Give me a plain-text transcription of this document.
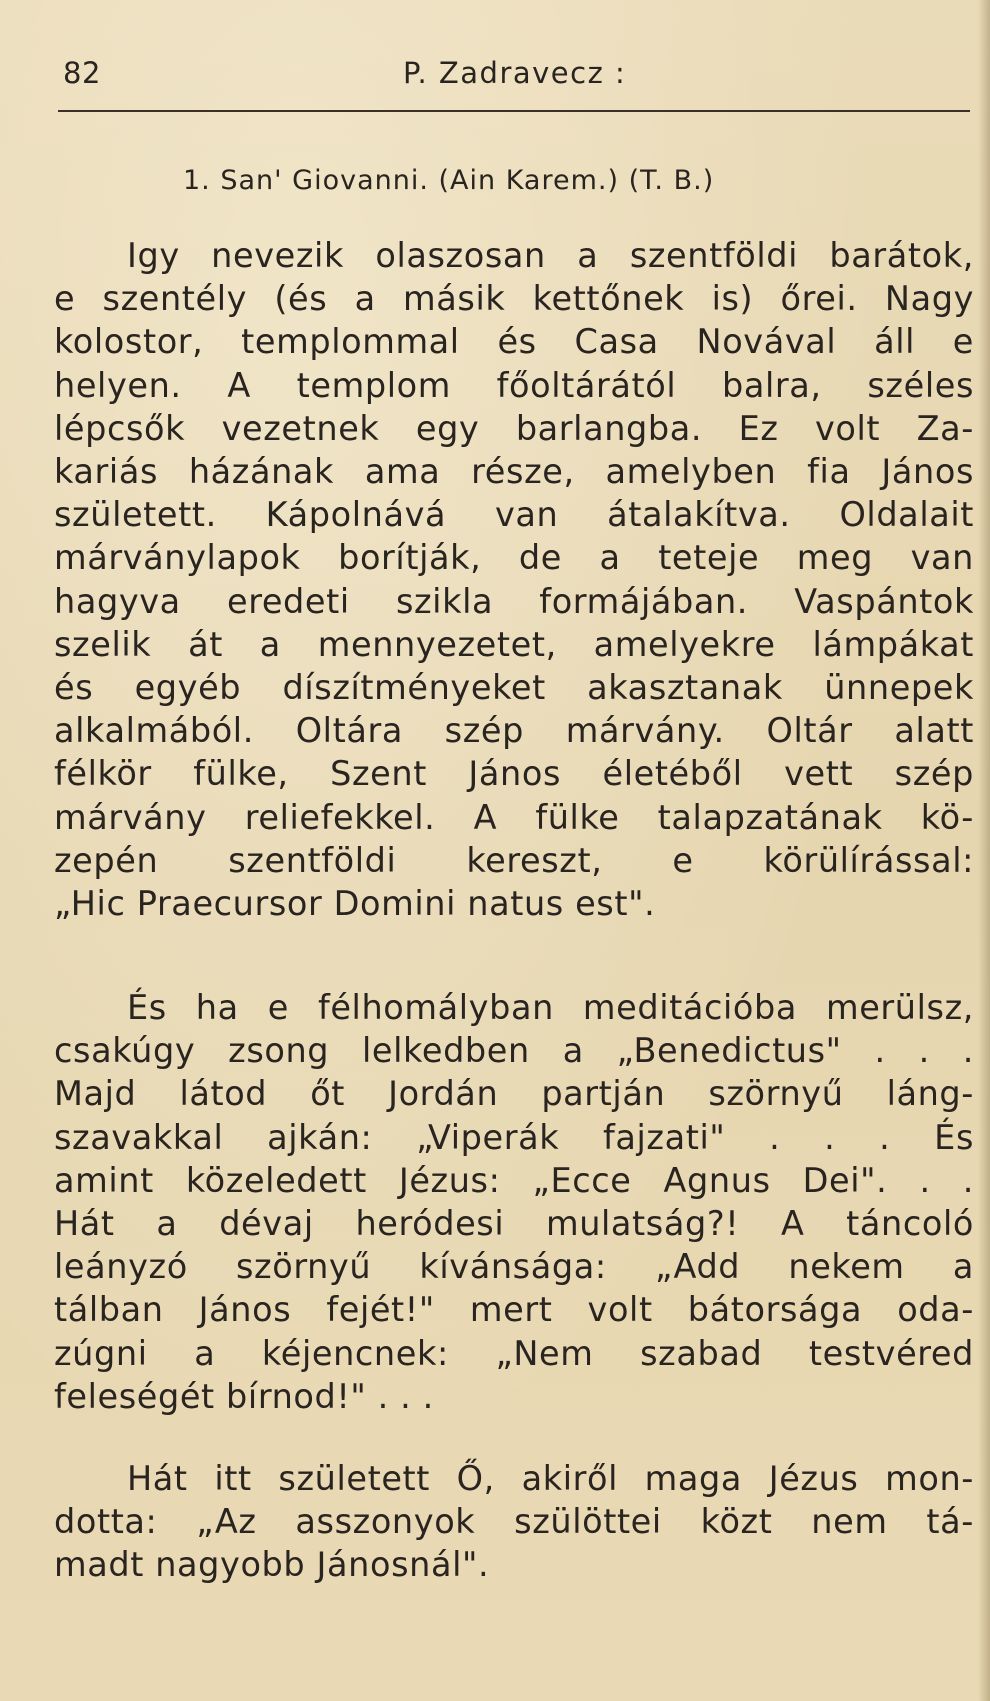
82	P. Zadravecz :
1. San' Giovanni. (Ain Karem.) (T. B.)
Igy nevezik olaszosan a szentföldi barátok,
e szentély (és a másik kettőnek is) őrei. Nagy
kolostor, templommal és Casa Novával áll e
helyen. A templom főoltárától balra, széles
lépcsők vezetnek egy barlangba. Ez volt Za-
kariás házának ama része, amelyben fia János
született. Kápolnává van átalakítva. Oldalait
márványlapok borítják, de a teteje meg van
hagyva eredeti szikla formájában. Vaspántok
szelik át a mennyezetet, amelyekre lámpákat
és egyéb díszítményeket akasztanak ünnepek
alkalmából. Oltára szép márvány. Oltár alatt
félkör fülke, Szent János életéből vett szép
márvány reliefekkel. A fülke talapzatának kö-
zepén szentföldi kereszt, e körülírással:
„Hic Praecursor Domini natus est".
És ha e félhomályban meditációba merülsz,
csakúgy zsong lelkedben a „Benedictus" . . .
Majd látod őt Jordán partján szörnyű láng-
szavakkal ajkán: „Viperák fajzati" . . . És
amint közeledett Jézus: „Ecce Agnus Dei". . .
Hát a dévaj heródesi mulatság?! A táncoló
leányzó szörnyű kívánsága: „Add nekem a
tálban János fejét!" mert volt bátorsága oda-
zúgni a kéjencnek: „Nem szabad testvéred
feleségét bírnod!" . . .
Hát itt született Ő, akiről maga Jézus mon-
dotta: „Az asszonyok szülöttei közt nem tá-
madt nagyobb Jánosnál".
